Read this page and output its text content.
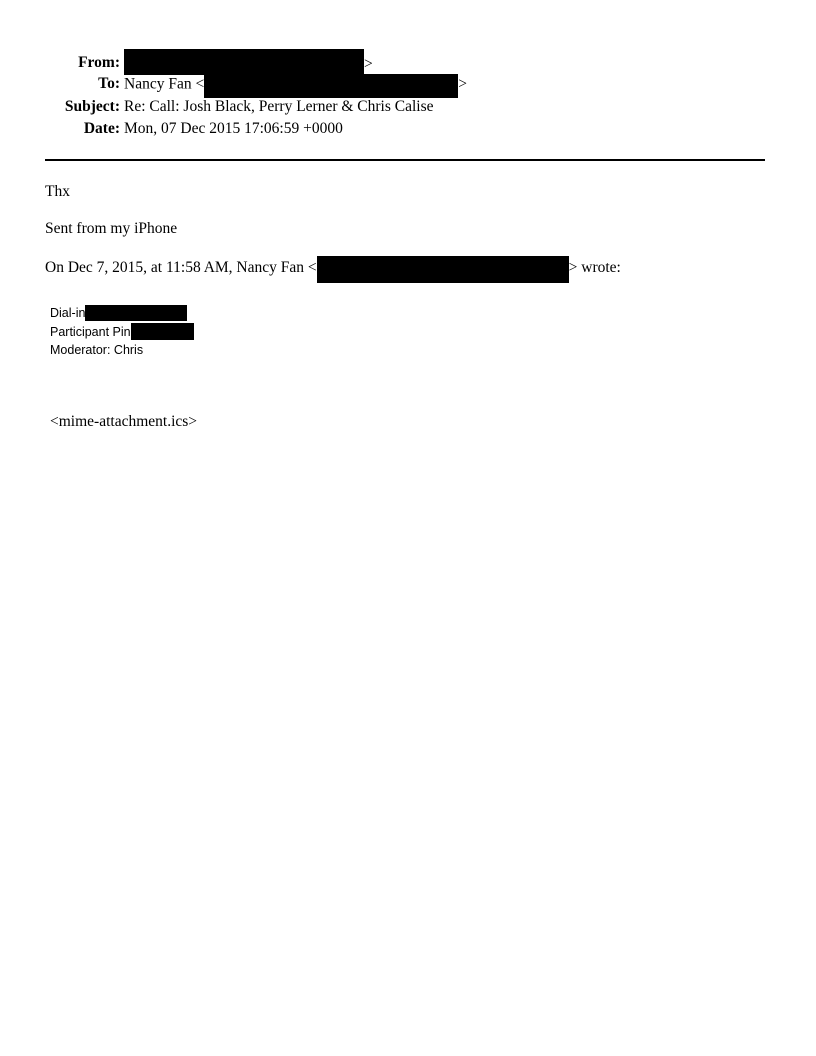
From:	>
To: Nancy Fan <	>
Subject: Re: Call: Josh Black, Perry Lerner & Chris Calise
Date: Mon, 07 Dec 2015 17:06:59 +0000
Thx
Sent from my iPhone
On Dec 7, 2015, at 11:58 AM, Nancy Fan <	> wrote:
Dial-in
Participant Pin
Moderator: Chris
<mime-attachment.ics>
